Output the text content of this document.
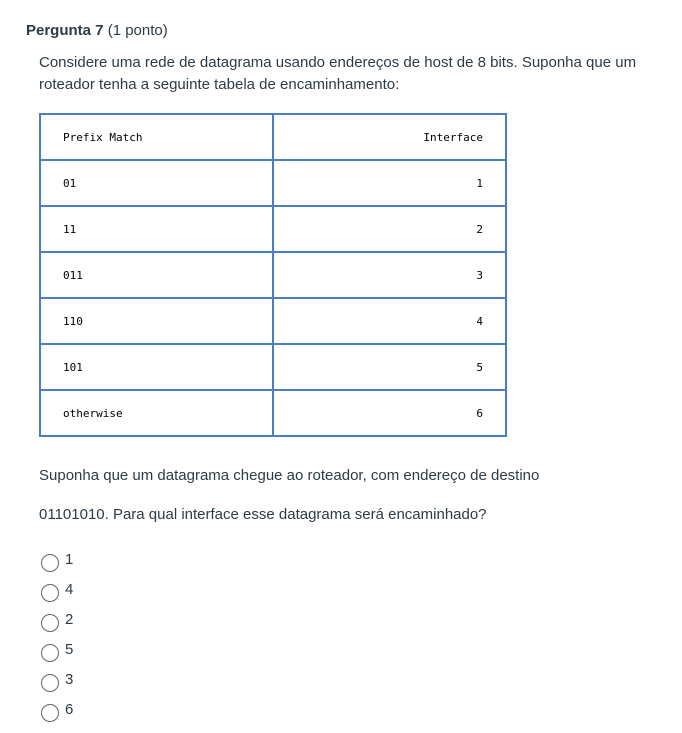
Pergunta 7 (1 ponto)
Considere uma rede de datagrama usando endereços de host de 8 bits. Suponha que um roteador tenha a seguinte tabela de encaminhamento:
Prefix Match	Interface
01	1
11	2
011	3
110	4
101	5
otherwise	6
Suponha que um datagrama chegue ao roteador, com endereço de destino
01101010. Para qual interface esse datagrama será encaminhado?
1
4
2
5
3
6
